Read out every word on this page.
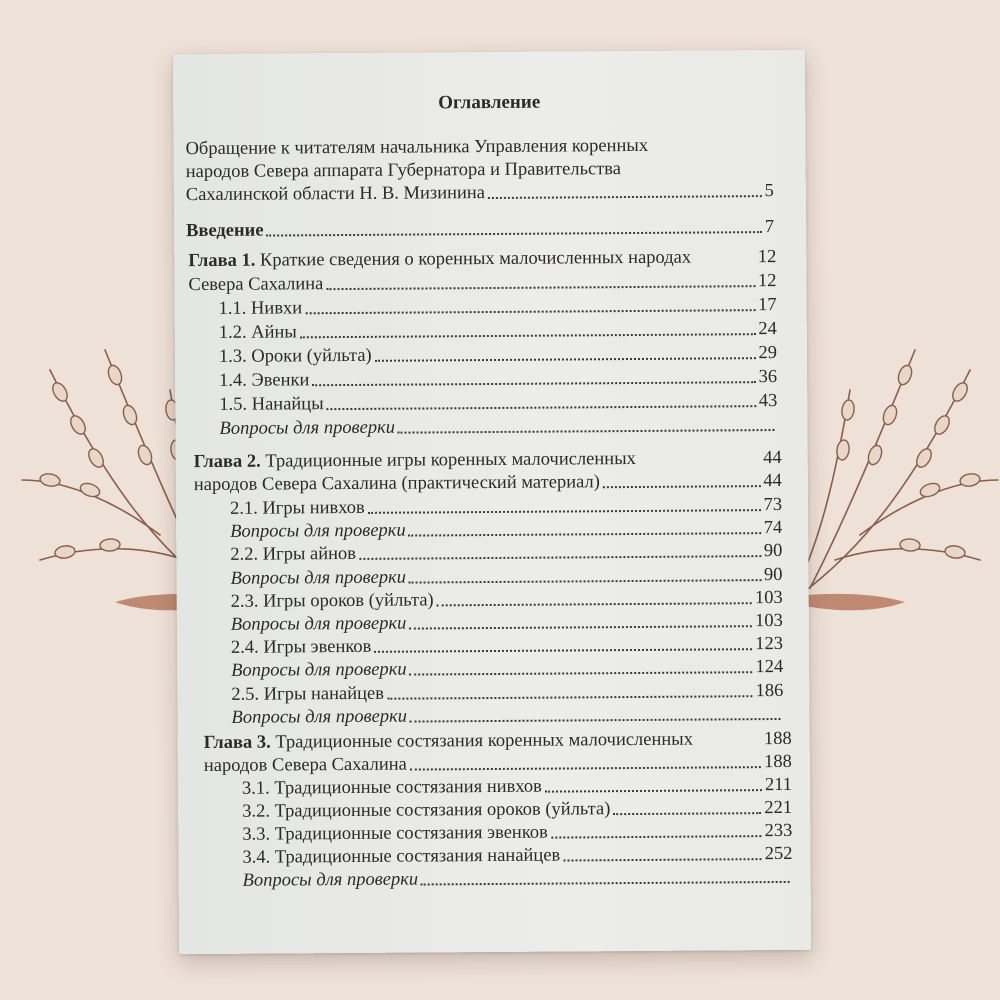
Оглавление
Обращение к читателям начальника Управления коренных
народов Севера аппарата Губернатора и Правительства
Сахалинской области Н. В. Мизинина	5
Введение	7
Глава 1. Краткие сведения о коренных малочисленных народах	12
Севера Сахалина	12
1.1. Нивхи	17
1.2. Айны	24
1.3. Ороки (уйльта)	29
1.4. Эвенки	36
1.5. Нанайцы	43
Вопросы для проверки
Глава 2. Традиционные игры коренных малочисленных	44
народов Севера Сахалина (практический материал)	44
2.1. Игры нивхов	73
Вопросы для проверки	74
2.2. Игры айнов	90
Вопросы для проверки	90
2.3. Игры ороков (уйльта)	103
Вопросы для проверки	103
2.4. Игры эвенков	123
Вопросы для проверки	124
2.5. Игры нанайцев	186
Вопросы для проверки
Глава 3. Традиционные состязания коренных малочисленных	188
народов Севера Сахалина	188
3.1. Традиционные состязания нивхов	211
3.2. Традиционные состязания ороков (уйльта)	221
3.3. Традиционные состязания эвенков	233
3.4. Традиционные состязания нанайцев	252
Вопросы для проверки
